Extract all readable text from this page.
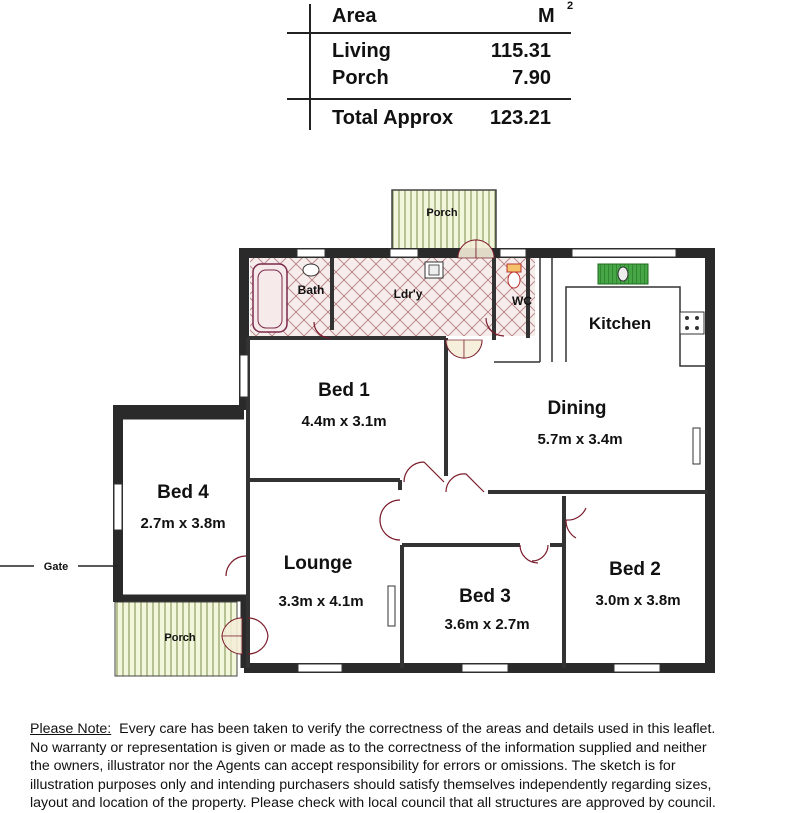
Area	M 2
Living	115.31
Porch	7.90
Total Approx	123.21
Porch
Bath	Ldr'y	WC
Kitchen
Bed 1
4.4m x 3.1m
Dining
5.7m x 3.4m
Bed 4
2.7m x 3.8m
Lounge
3.3m x 4.1m	Bed 3
3.6m x 2.7m
Bed 2
3.0m x 3.8m
Porch
Gate
Please Note: Every care has been taken to verify the correctness of the areas and details used in this leaflet.
No warranty or representation is given or made as to the correctness of the information supplied and neither
the owners, illustrator nor the Agents can accept responsibility for errors or omissions. The sketch is for
illustration purposes only and intending purchasers should satisfy themselves independently regarding sizes,
layout and location of the property. Please check with local council that all structures are approved by council.
